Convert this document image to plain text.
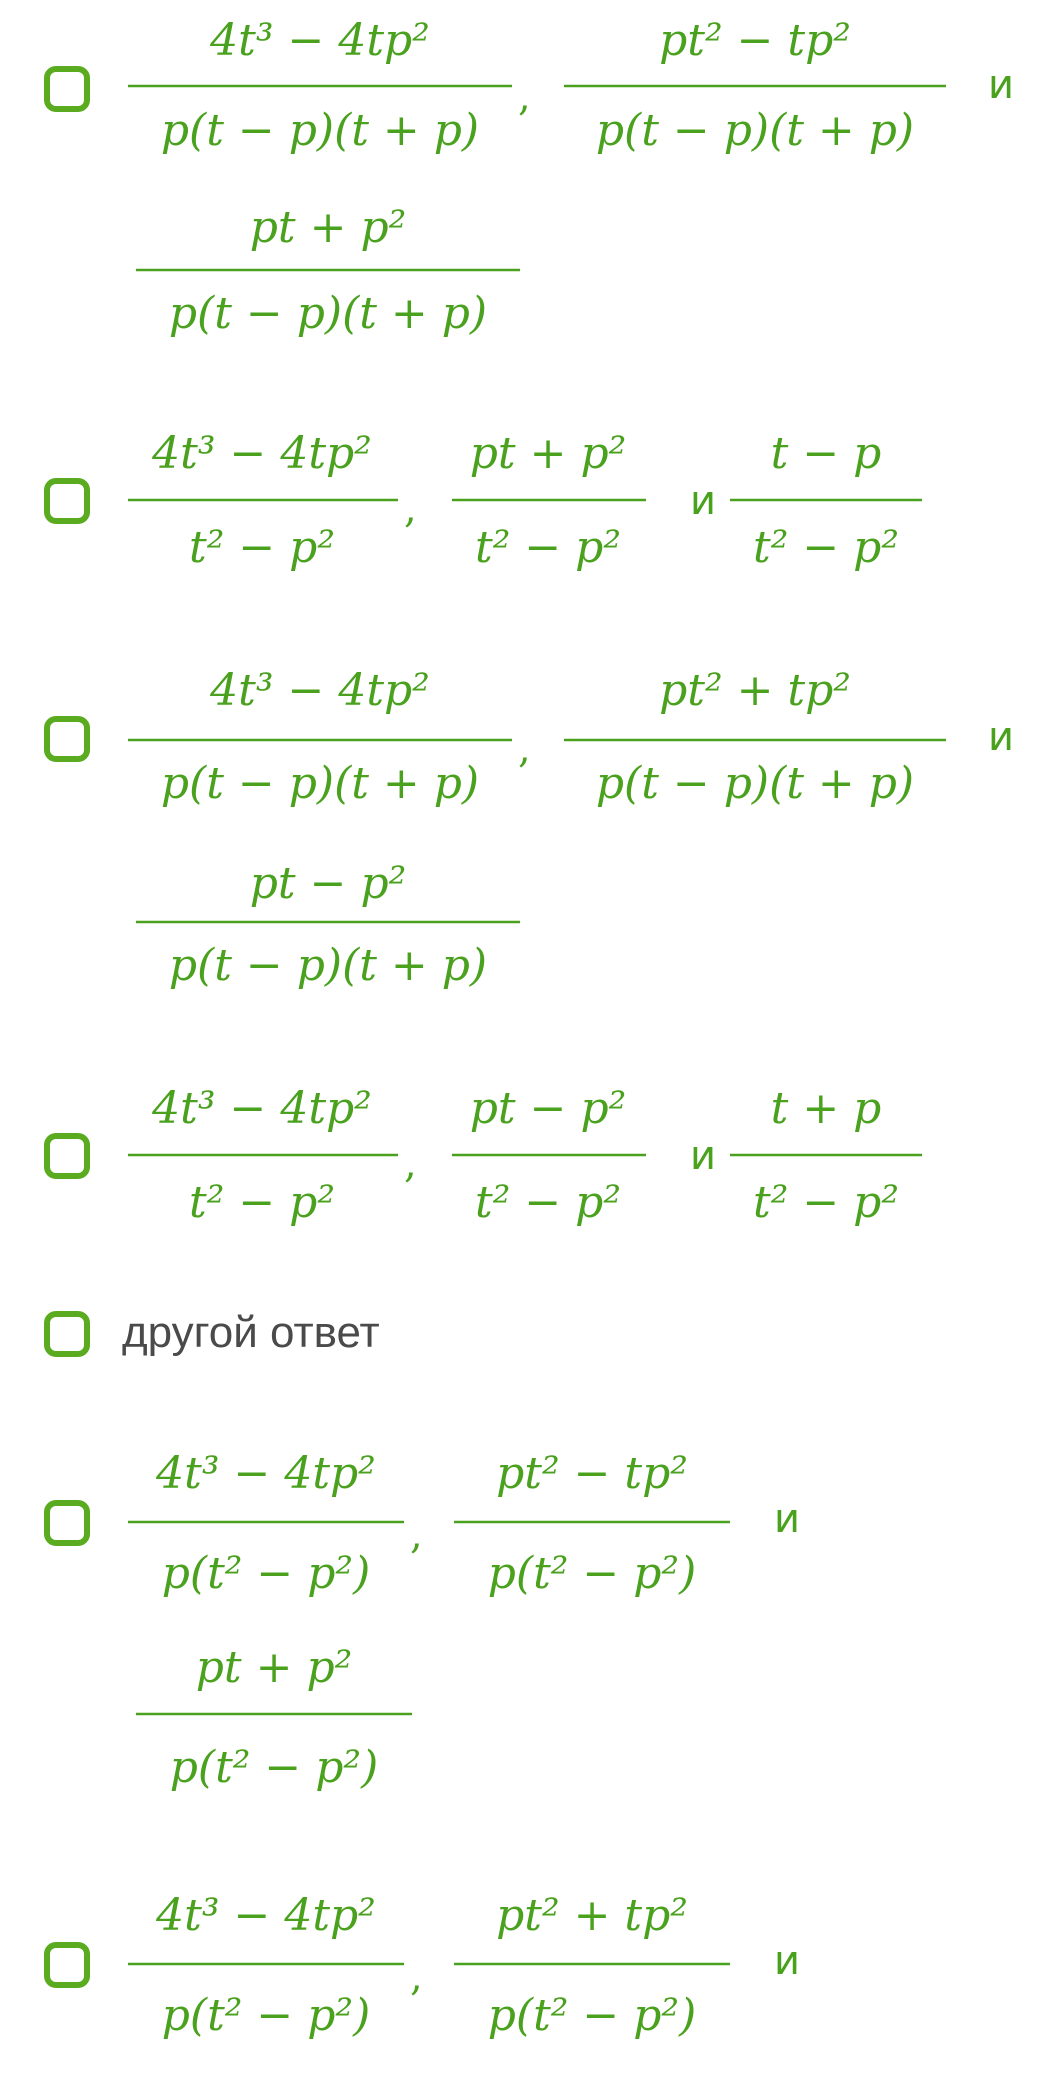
4t³ − 4tp²
p(t − p)(t + p)
,
pt² − tp²
p(t − p)(t + p)
pt + p²
p(t − p)(t + p)
и
4t³ − 4tp²
t² − p²
,
pt + p²
t² − p²
t − p
t² − p²
и
4t³ − 4tp²
p(t − p)(t + p)
,
pt² + tp²
p(t − p)(t + p)
pt − p²
p(t − p)(t + p)
и
4t³ − 4tp²
t² − p²
,
pt − p²
t² − p²
t + p
t² − p²
и
другой ответ
4t³ − 4tp²
p(t² − p²)
,
pt² − tp²
p(t² − p²)
pt + p²
p(t² − p²)
и
4t³ − 4tp²
p(t² − p²)
,
pt² + tp²
p(t² − p²)
и
